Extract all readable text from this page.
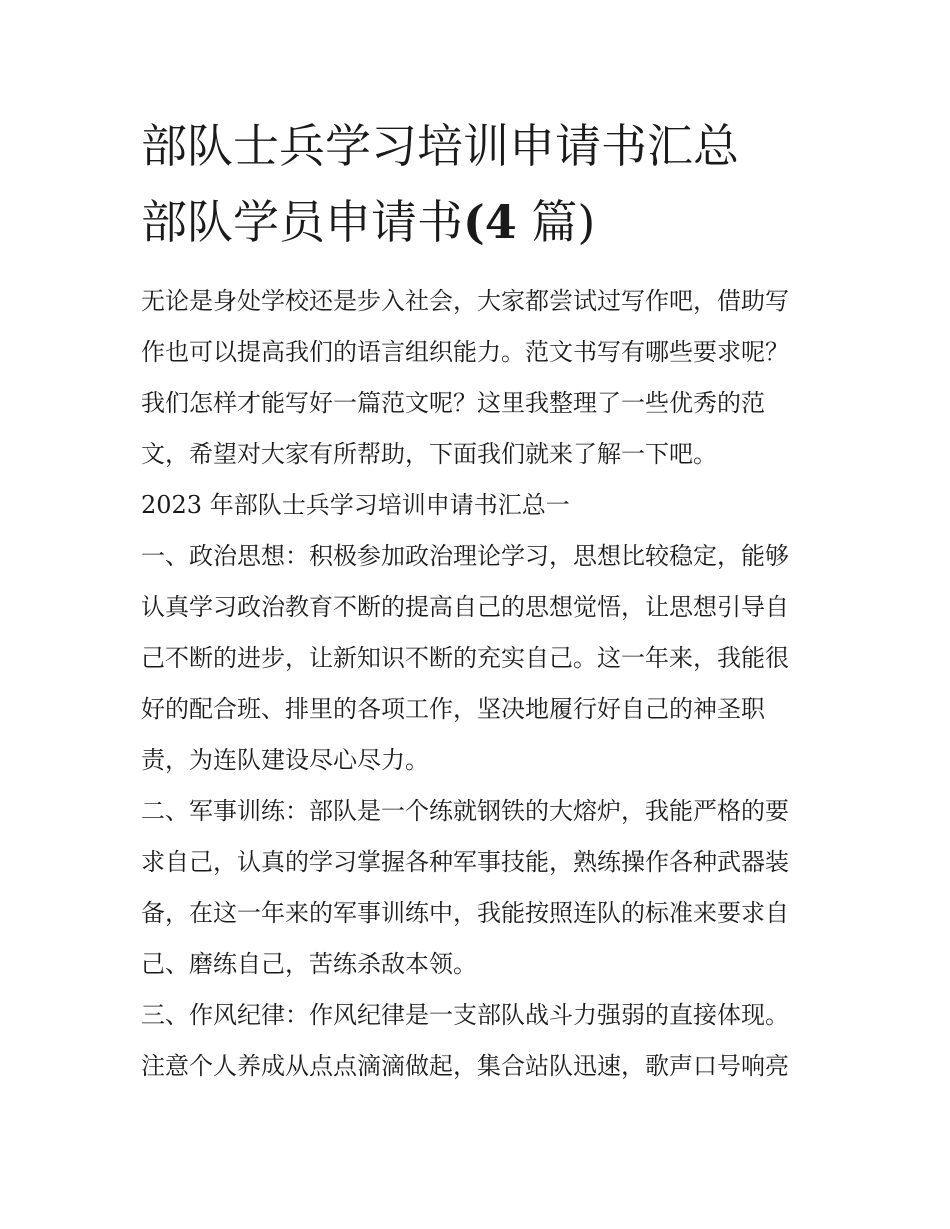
部队士兵学习培训申请书汇总
部队学员申请书(4 篇)
无论是身处学校还是步入社会，大家都尝试过写作吧，借助写
作也可以提高我们的语言组织能力。范文书写有哪些要求呢？
我们怎样才能写好一篇范文呢？这里我整理了一些优秀的范
文，希望对大家有所帮助，下面我们就来了解一下吧。
2023 年部队士兵学习培训申请书汇总一
一、政治思想：积极参加政治理论学习，思想比较稳定，能够
认真学习政治教育不断的提高自己的思想觉悟，让思想引导自
己不断的进步，让新知识不断的充实自己。这一年来，我能很
好的配合班、排里的各项工作，坚决地履行好自己的神圣职
责，为连队建设尽心尽力。
二、军事训练：部队是一个练就钢铁的大熔炉，我能严格的要
求自己，认真的学习掌握各种军事技能，熟练操作各种武器装
备，在这一年来的军事训练中，我能按照连队的标准来要求自
己、磨练自己，苦练杀敌本领。
三、作风纪律：作风纪律是一支部队战斗力强弱的直接体现。
注意个人养成从点点滴滴做起，集合站队迅速，歌声口号响亮
